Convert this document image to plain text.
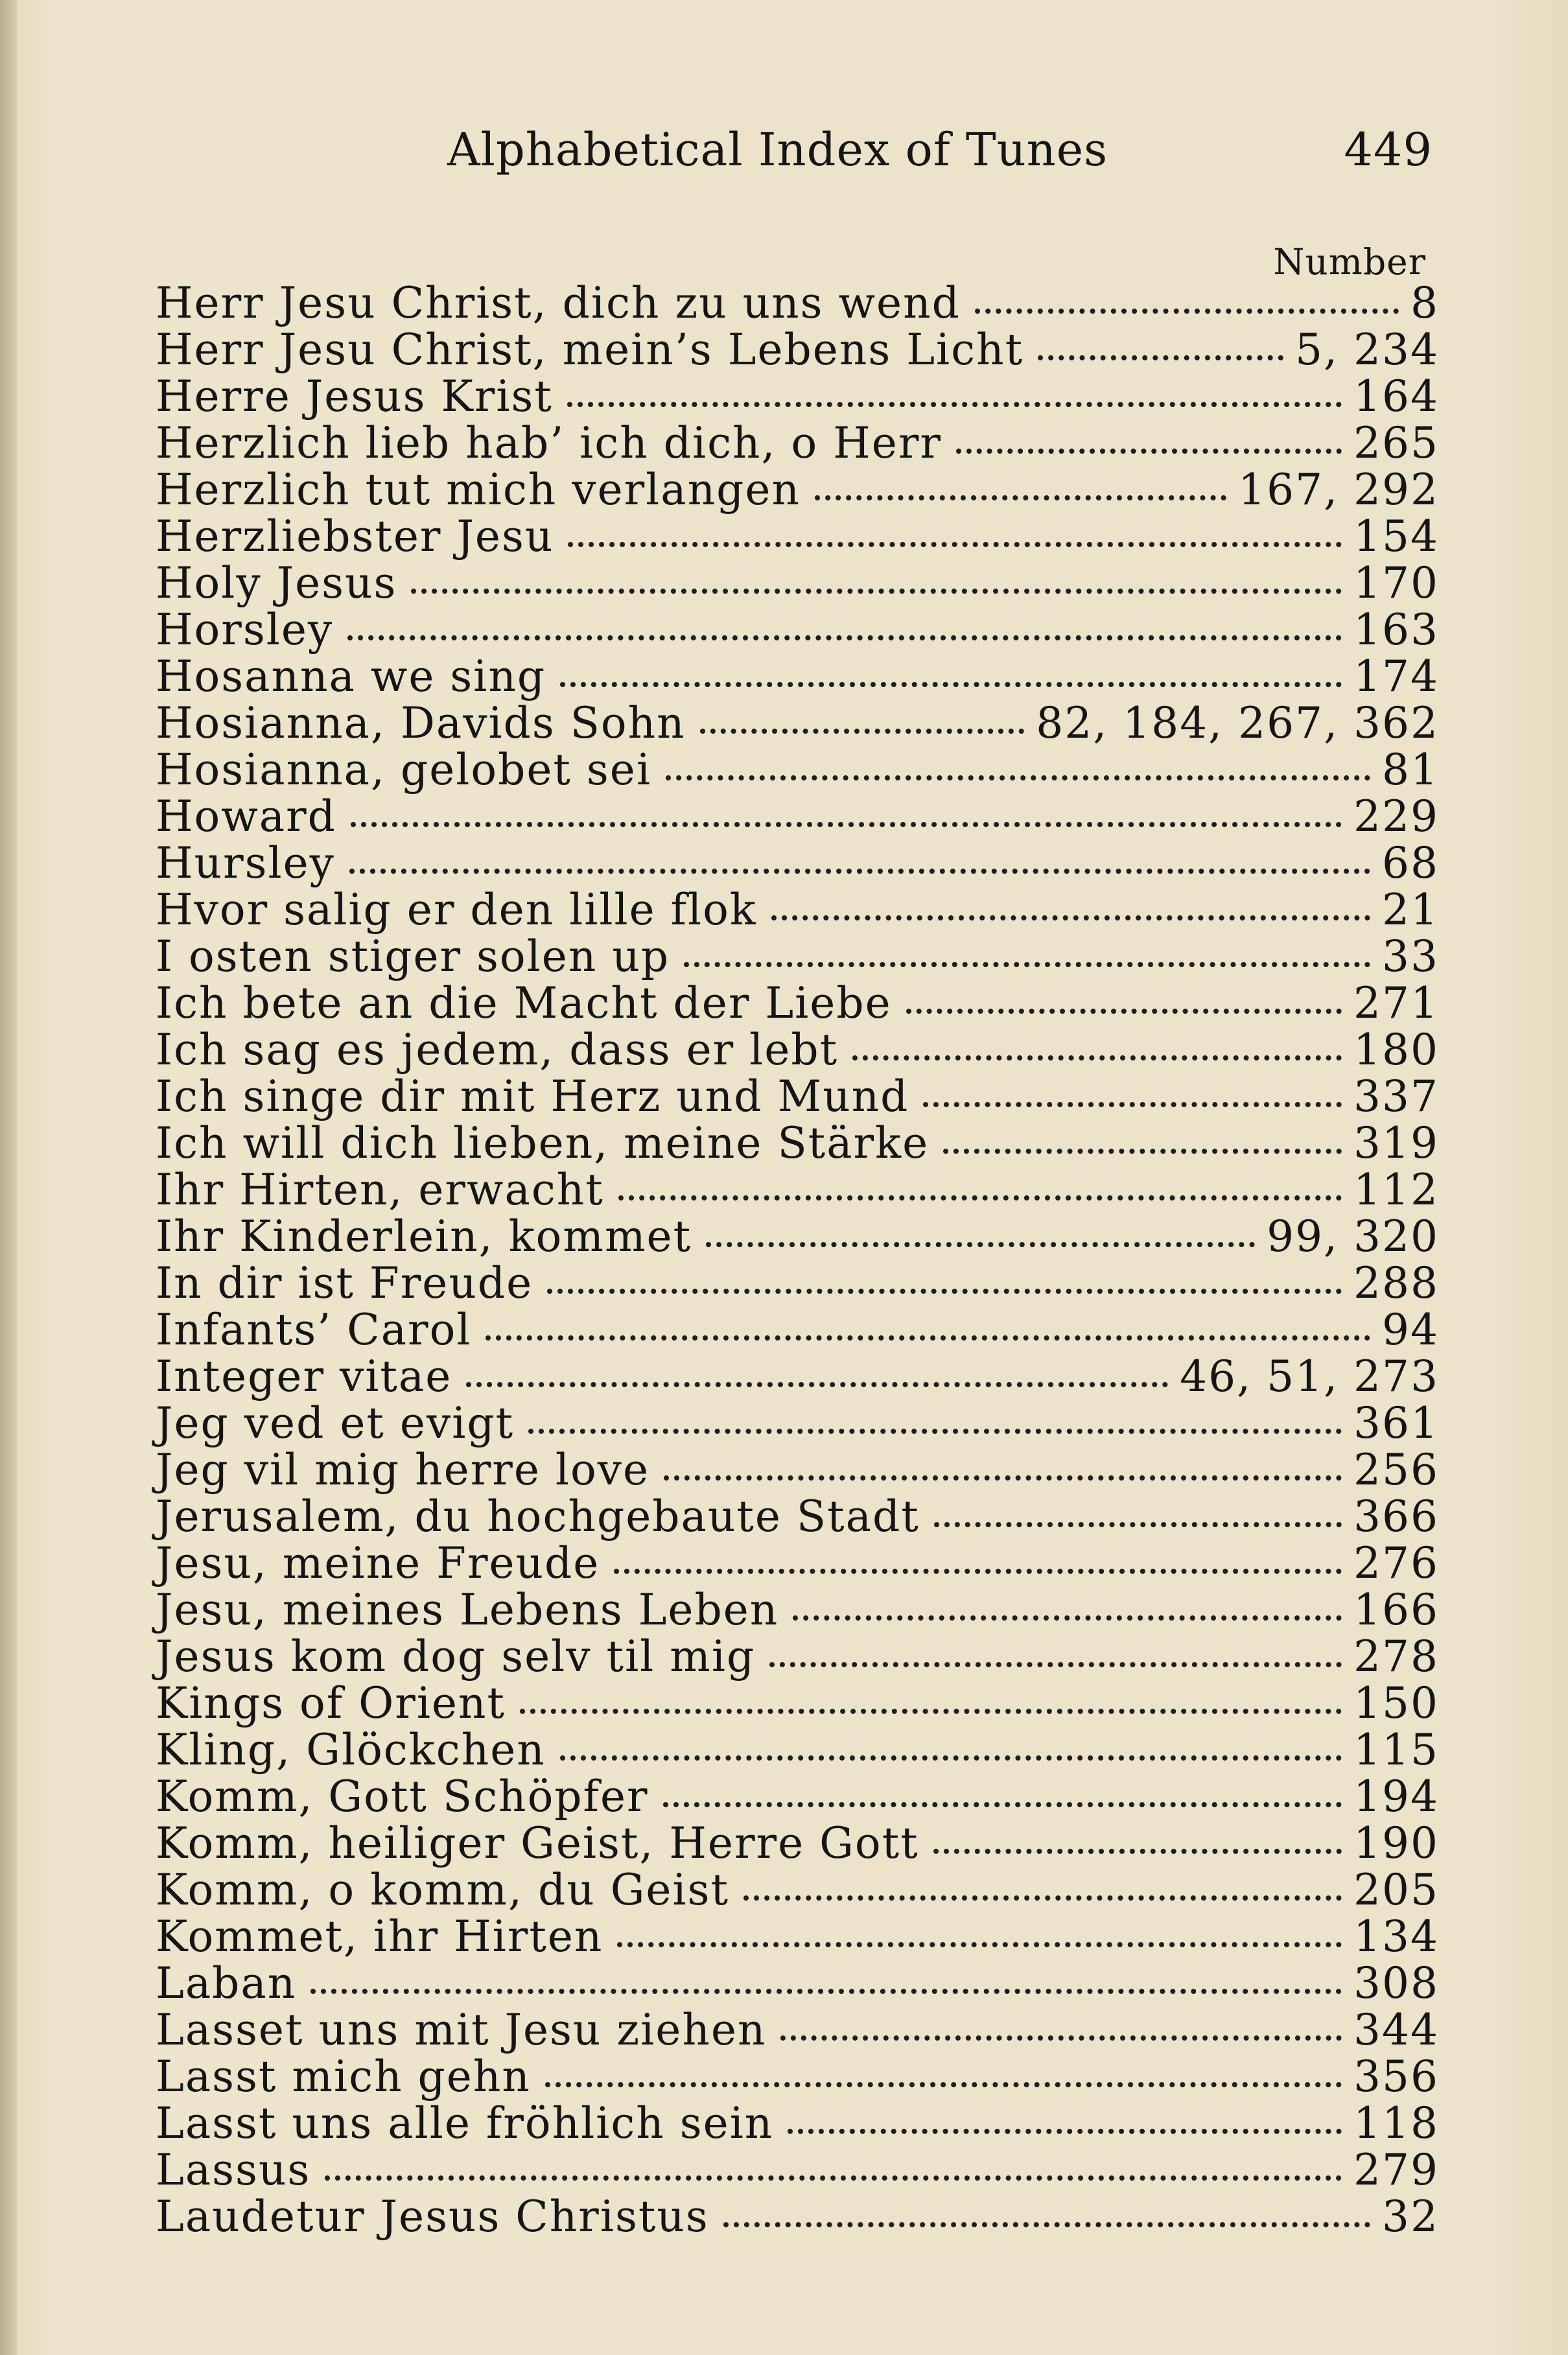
Alphabetical Index of Tunes	449
Number
Herr Jesu Christ, dich zu uns wend	8
Herr Jesu Christ, mein’s Lebens Licht	5, 234
Herre Jesus Krist	164
Herzlich lieb hab’ ich dich, o Herr	265
Herzlich tut mich verlangen	167, 292
Herzliebster Jesu	154
Holy Jesus	170
Horsley	163
Hosanna we sing	174
Hosianna, Davids Sohn	82, 184, 267, 362
Hosianna, gelobet sei	81
Howard	229
Hursley	68
Hvor salig er den lille flok	21
I osten stiger solen up	33
Ich bete an die Macht der Liebe	271
Ich sag es jedem, dass er lebt	180
Ich singe dir mit Herz und Mund	337
Ich will dich lieben, meine Stärke	319
Ihr Hirten, erwacht	112
Ihr Kinderlein, kommet	99, 320
In dir ist Freude	288
Infants’ Carol	94
Integer vitae	46, 51, 273
Jeg ved et evigt	361
Jeg vil mig herre love	256
Jerusalem, du hochgebaute Stadt	366
Jesu, meine Freude	276
Jesu, meines Lebens Leben	166
Jesus kom dog selv til mig	278
Kings of Orient	150
Kling, Glöckchen	115
Komm, Gott Schöpfer	194
Komm, heiliger Geist, Herre Gott	190
Komm, o komm, du Geist	205
Kommet, ihr Hirten	134
Laban	308
Lasset uns mit Jesu ziehen	344
Lasst mich gehn	356
Lasst uns alle fröhlich sein	118
Lassus	279
Laudetur Jesus Christus	32
